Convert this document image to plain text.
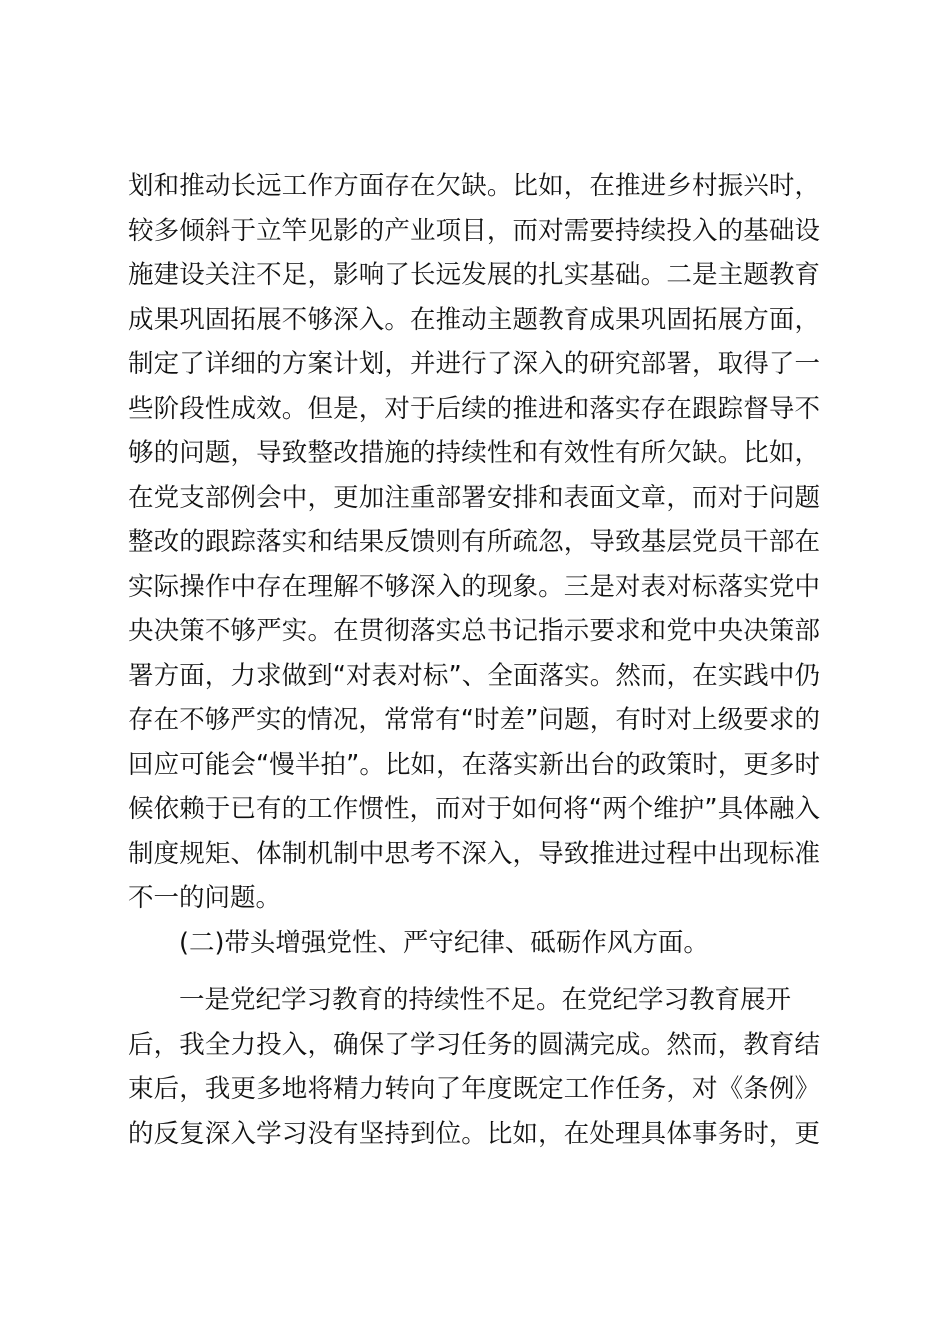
划和推动长远工作方面存在欠缺。比如，在推进乡村振兴时，
较多倾斜于立竿见影的产业项目，而对需要持续投入的基础设
施建设关注不足，影响了长远发展的扎实基础。二是主题教育
成果巩固拓展不够深入。在推动主题教育成果巩固拓展方面，
制定了详细的方案计划，并进行了深入的研究部署，取得了一
些阶段性成效。但是，对于后续的推进和落实存在跟踪督导不
够的问题，导致整改措施的持续性和有效性有所欠缺。比如，
在党支部例会中，更加注重部署安排和表面文章，而对于问题
整改的跟踪落实和结果反馈则有所疏忽，导致基层党员干部在
实际操作中存在理解不够深入的现象。三是对表对标落实党中
央决策不够严实。在贯彻落实总书记指示要求和党中央决策部
署方面，力求做到“对表对标”、全面落实。然而，在实践中仍
存在不够严实的情况，常常有“时差”问题，有时对上级要求的
回应可能会“慢半拍”。比如，在落实新出台的政策时，更多时
候依赖于已有的工作惯性，而对于如何将“两个维护”具体融入
制度规矩、体制机制中思考不深入，导致推进过程中出现标准
不一的问题。
(二)带头增强党性、严守纪律、砥砺作风方面。
一是党纪学习教育的持续性不足。在党纪学习教育展开
后，我全力投入，确保了学习任务的圆满完成。然而，教育结
束后，我更多地将精力转向了年度既定工作任务，对《条例》
的反复深入学习没有坚持到位。比如，在处理具体事务时，更
